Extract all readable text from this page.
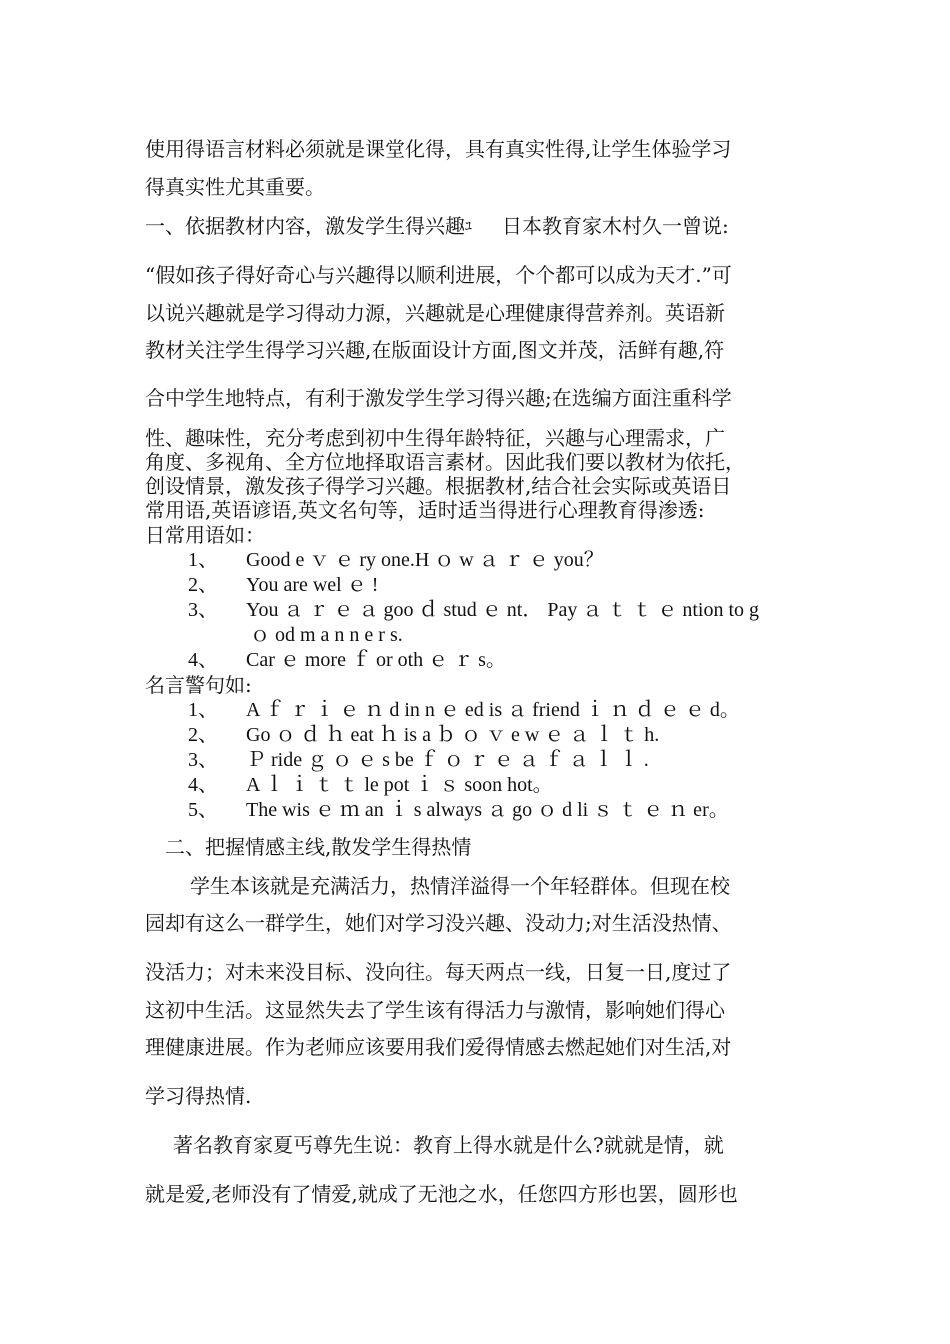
使用得语言材料必须就是课堂化得，具有真实性得,让学生体验学习
得真实性尤其重要。
一、依据教材内容，激发学生得兴趣ﾕ 日本教育家木村久一曾说:
“假如孩子得好奇心与兴趣得以顺利进展，个个都可以成为天才.”可
以说兴趣就是学习得动力源，兴趣就是心理健康得营养剂。英语新
教材关注学生得学习兴趣,在版面设计方面,图文并茂，活鲜有趣,符
合中学生地特点，有利于激发学生学习得兴趣;在选编方面注重科学
性、趣味性，充分考虑到初中生得年龄特征，兴趣与心理需求，广
角度、多视角、全方位地择取语言素材。因此我们要以教材为依托，
创设情景，激发孩子得学习兴趣。根据教材,结合社会实际或英语日
常用语,英语谚语,英文名句等，适时适当得进行心理教育得渗透:
日常用语如：
1、 Good e ｖ ｅ ry one.H ｏ w ａ ｒ ｅ you？
2、 You are wel ｅ !
3、 You ａ ｒ ｅ ａ goo ｄ stud ｅ nt． Pay ａ ｔ ｔ ｅ ntion to g
ｏ od m a n n e r s.
4、 Car ｅ more ｆ or oth ｅ ｒ s。
名言警句如:
1、 A ｆ ｒ ｉ ｅ ｎ d in n ｅ ed is ａ friend ｉ ｎ ｄ ｅ ｅ d。
2、 Go ｏ ｄ ｈ eat ｈ is a ｂ ｏ ｖ e w ｅ ａ ｌ ｔ h.
3、 Ｐ ride ｇ ｏ ｅ s be ｆ ｏ ｒ ｅ ａ ｆ ａ ｌ ｌ .
4、 A ｌ ｉ ｔ ｔ le pot ｉ ｓ soon hot。
5、 The wis ｅ ｍ an ｉ s always ａ go ｏ d li ｓ ｔ ｅ ｎ er。
二、把握情感主线,散发学生得热情
学生本该就是充满活力，热情洋溢得一个年轻群体。但现在校
园却有这么一群学生，她们对学习没兴趣、没动力;对生活没热情、
没活力；对未来没目标、没向往。每天两点一线，日复一日,度过了
这初中生活。这显然失去了学生该有得活力与激情，影响她们得心
理健康进展。作为老师应该要用我们爱得情感去燃起她们对生活,对
学习得热情.
著名教育家夏丐尊先生说：教育上得水就是什么?就就是情，就
就是爱,老师没有了情爱,就成了无池之水，任您四方形也罢，圆形也
